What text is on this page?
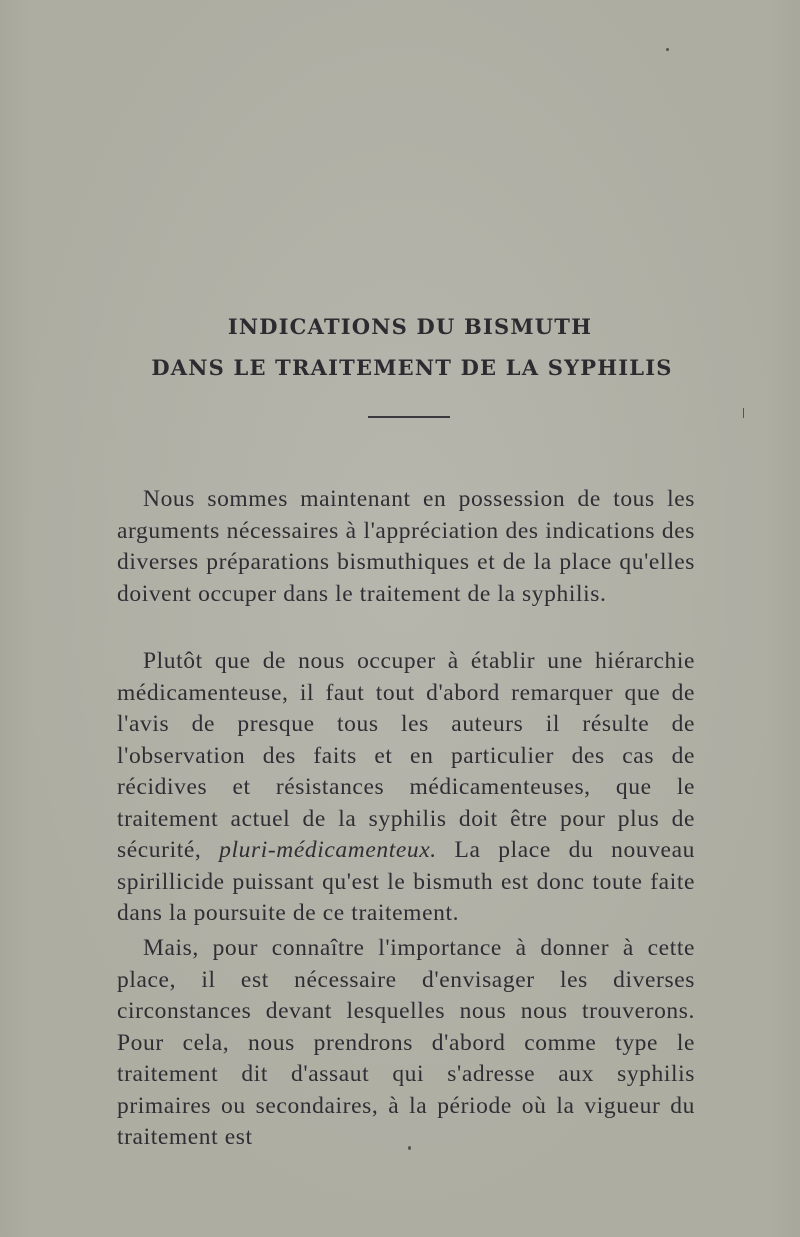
INDICATIONS DU BISMUTH
DANS LE TRAITEMENT DE LA SYPHILIS

Nous sommes maintenant en possession de tous les arguments nécessaires à l'appréciation des indications des diverses préparations bismuthiques et de la place qu'elles doivent occuper dans le traitement de la syphilis.

Plutôt que de nous occuper à établir une hiérarchie médicamenteuse, il faut tout d'abord remarquer que de l'avis de presque tous les auteurs il résulte de l'observation des faits et en particulier des cas de récidives et résistances médicamenteuses, que le traitement actuel de la syphilis doit être pour plus de sécurité, pluri-médicamenteux. La place du nouveau spirillicide puissant qu'est le bismuth est donc toute faite dans la poursuite de ce traitement.

Mais, pour connaître l'importance à donner à cette place, il est nécessaire d'envisager les diverses circonstances devant lesquelles nous nous trouverons. Pour cela, nous prendrons d'abord comme type le traitement dit d'assaut qui s'adresse aux syphilis primaires ou secondaires, à la période où la vigueur du traitement est
